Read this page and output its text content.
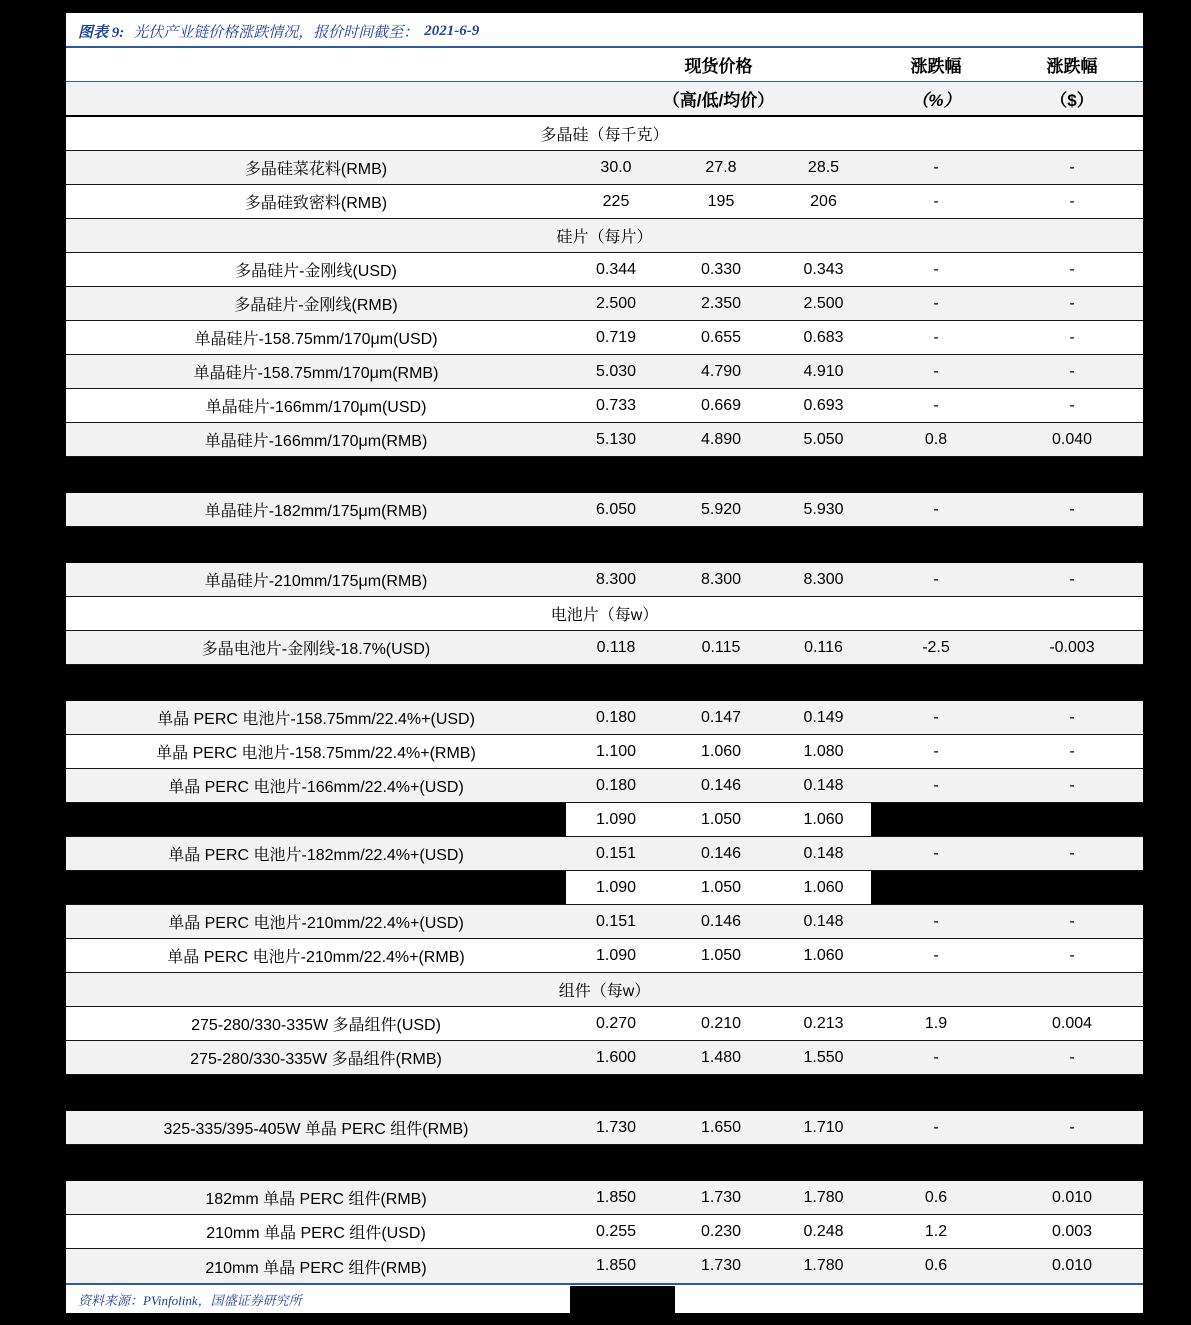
图表 9: 光伏产业链价格涨跌情况，报价时间截至： 2021-6-9
现货价格	涨跌幅	涨跌幅
（高/低/均价）	（%）	（$）
多晶硅（每千克）
多晶硅菜花料(RMB)	30.0	27.8	28.5	-	-
多晶硅致密料(RMB)	225	195	206	-	-
硅片（每片）
多晶硅片-金刚线(USD)	0.344	0.330	0.343	-	-
多晶硅片-金刚线(RMB)	2.500	2.350	2.500	-	-
单晶硅片-158.75mm/170μm(USD)	0.719	0.655	0.683	-	-
单晶硅片-158.75mm/170μm(RMB)	5.030	4.790	4.910	-	-
单晶硅片-166mm/170μm(USD)	0.733	0.669	0.693	-	-
单晶硅片-166mm/170μm(RMB)	5.130	4.890	5.050	0.8	0.040
单晶硅片-182mm/175μm(RMB)	6.050	5.920	5.930	-	-
单晶硅片-210mm/175μm(RMB)	8.300	8.300	8.300	-	-
电池片（每w）
多晶电池片-金刚线-18.7%(USD)	0.118	0.115	0.116	-2.5	-0.003
单晶 PERC 电池片-158.75mm/22.4%+(USD)	0.180	0.147	0.149	-	-
单晶 PERC 电池片-158.75mm/22.4%+(RMB)	1.100	1.060	1.080	-	-
单晶 PERC 电池片-166mm/22.4%+(USD)	0.180	0.146	0.148	-	-
1.090	1.050	1.060
单晶 PERC 电池片-182mm/22.4%+(USD)	0.151	0.146	0.148	-	-
1.090	1.050	1.060
单晶 PERC 电池片-210mm/22.4%+(USD)	0.151	0.146	0.148	-	-
单晶 PERC 电池片-210mm/22.4%+(RMB)	1.090	1.050	1.060	-	-
组件（每w）
275-280/330-335W 多晶组件(USD)	0.270	0.210	0.213	1.9	0.004
275-280/330-335W 多晶组件(RMB)	1.600	1.480	1.550	-	-
325-335/395-405W 单晶 PERC 组件(RMB)	1.730	1.650	1.710	-	-
182mm 单晶 PERC 组件(RMB)	1.850	1.730	1.780	0.6	0.010
210mm 单晶 PERC 组件(USD)	0.255	0.230	0.248	1.2	0.003
210mm 单晶 PERC 组件(RMB)	1.850	1.730	1.780	0.6	0.010
资料来源：PVinfolink，国盛证券研究所
